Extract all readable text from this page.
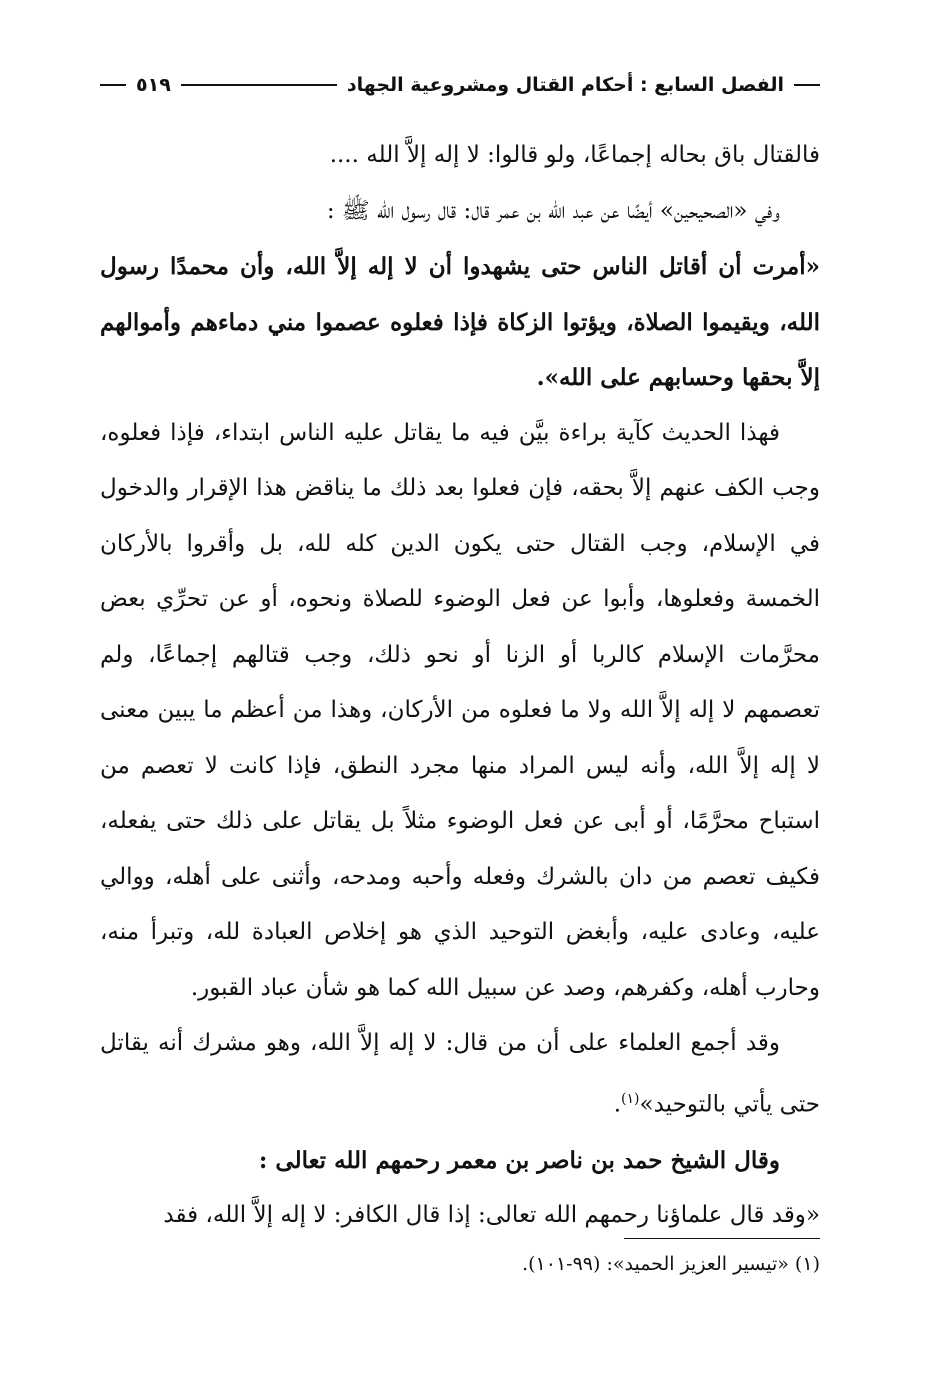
الفصل السابع : أحكام القتال ومشروعية الجهاد
٥١٩

فالقتال باق بحاله إجماعًا، ولو قالوا: لا إله إلاَّ الله ....

وفي «الصحيحين» أيضًا عن عبد الله بن عمر قال: قال رسول الله ﷺ :

«أمرت أن أقاتل الناس حتى يشهدوا أن لا إله إلاَّ الله، وأن محمدًا رسول الله، ويقيموا الصلاة، ويؤتوا الزكاة فإذا فعلوه عصموا مني دماءهم وأموالهم إلاَّ بحقها وحسابهم على الله».

فهذا الحديث كآية براءة بيَّن فيه ما يقاتل عليه الناس ابتداء، فإذا فعلوه، وجب الكف عنهم إلاَّ بحقه، فإن فعلوا بعد ذلك ما يناقض هذا الإقرار والدخول في الإسلام، وجب القتال حتى يكون الدين كله لله، بل وأقروا بالأركان الخمسة وفعلوها، وأبوا عن فعل الوضوء للصلاة ونحوه، أو عن تحرِّي بعض محرَّمات الإسلام كالربا أو الزنا أو نحو ذلك، وجب قتالهم إجماعًا، ولم تعصمهم لا إله إلاَّ الله ولا ما فعلوه من الأركان، وهذا من أعظم ما يبين معنى لا إله إلاَّ الله، وأنه ليس المراد منها مجرد النطق، فإذا كانت لا تعصم من استباح محرَّمًا، أو أبى عن فعل الوضوء مثلاً بل يقاتل على ذلك حتى يفعله، فكيف تعصم من دان بالشرك وفعله وأحبه ومدحه، وأثنى على أهله، ووالي عليه، وعادى عليه، وأبغض التوحيد الذي هو إخلاص العبادة لله، وتبرأ منه، وحارب أهله، وكفرهم، وصد عن سبيل الله كما هو شأن عباد القبور.

وقد أجمع العلماء على أن من قال: لا إله إلاَّ الله، وهو مشرك أنه يقاتل حتى يأتي بالتوحيد»$^{(١)}$.

وقال الشيخ حمد بن ناصر بن معمر رحمهم الله تعالى :

«وقد قال علماؤنا رحمهم الله تعالى: إذا قال الكافر: لا إله إلاَّ الله، فقد

(١) «تيسير العزيز الحميد»: (٩٩-١٠١).
